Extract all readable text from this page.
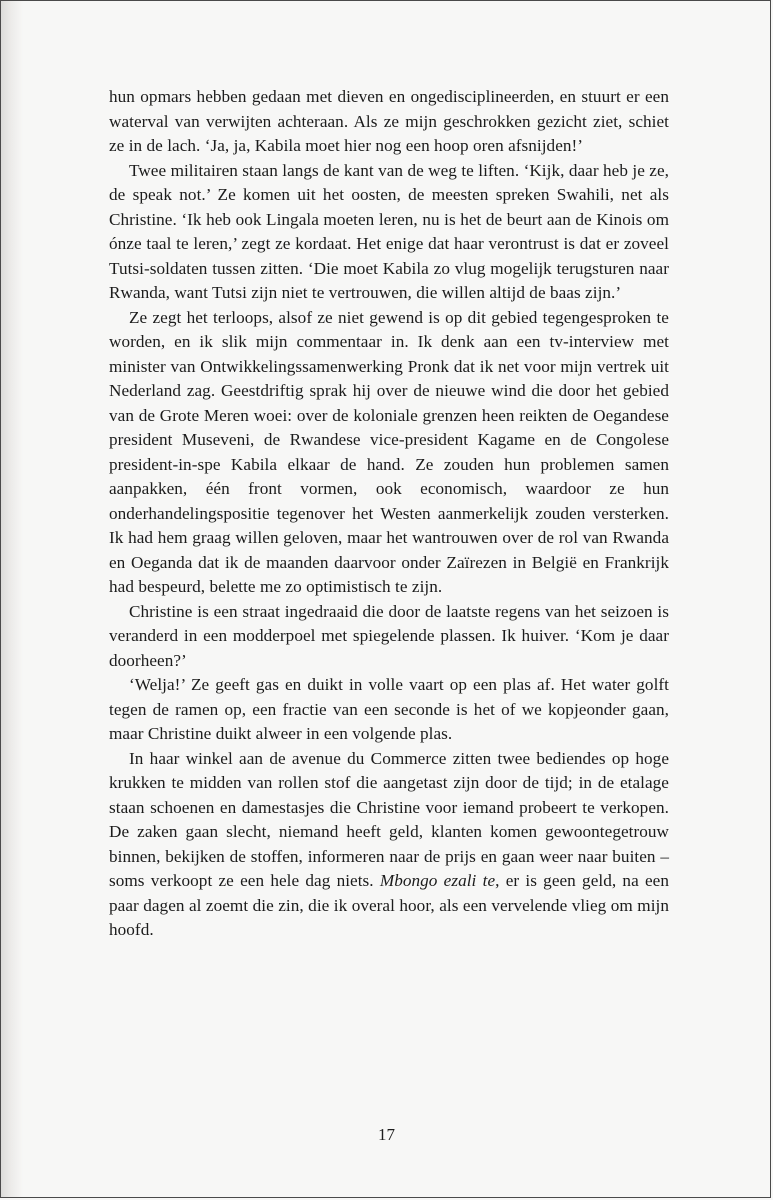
hun opmars hebben gedaan met dieven en ongedisciplineerden, en stuurt er een waterval van verwijten achteraan. Als ze mijn geschrokken gezicht ziet, schiet ze in de lach. ‘Ja, ja, Kabila moet hier nog een hoop oren afsnijden!’

Twee militairen staan langs de kant van de weg te liften. ‘Kijk, daar heb je ze, de speak not.’ Ze komen uit het oosten, de meesten spreken Swahili, net als Christine. ‘Ik heb ook Lingala moeten leren, nu is het de beurt aan de Kinois om ónze taal te leren,’ zegt ze kordaat. Het enige dat haar verontrust is dat er zoveel Tutsi-soldaten tussen zitten. ‘Die moet Kabila zo vlug mogelijk terugsturen naar Rwanda, want Tutsi zijn niet te vertrouwen, die willen altijd de baas zijn.’

Ze zegt het terloops, alsof ze niet gewend is op dit gebied tegengesproken te worden, en ik slik mijn commentaar in. Ik denk aan een tv-interview met minister van Ontwikkelingssamenwerking Pronk dat ik net voor mijn vertrek uit Nederland zag. Geestdriftig sprak hij over de nieuwe wind die door het gebied van de Grote Meren woei: over de koloniale grenzen heen reikten de Oegandese president Museveni, de Rwandese vice-president Kagame en de Congolese president-in-spe Kabila elkaar de hand. Ze zouden hun problemen samen aanpakken, één front vormen, ook economisch, waardoor ze hun onderhandelingspositie tegenover het Westen aanmerkelijk zouden versterken. Ik had hem graag willen geloven, maar het wantrouwen over de rol van Rwanda en Oeganda dat ik de maanden daarvoor onder Zaïrezen in België en Frankrijk had bespeurd, belette me zo optimistisch te zijn.

Christine is een straat ingedraaid die door de laatste regens van het seizoen is veranderd in een modderpoel met spiegelende plassen. Ik huiver. ‘Kom je daar doorheen?’

‘Welja!’ Ze geeft gas en duikt in volle vaart op een plas af. Het water golft tegen de ramen op, een fractie van een seconde is het of we kopjeonder gaan, maar Christine duikt alweer in een volgende plas.

In haar winkel aan de avenue du Commerce zitten twee bediendes op hoge krukken te midden van rollen stof die aangetast zijn door de tijd; in de etalage staan schoenen en damestasjes die Christine voor iemand probeert te verkopen. De zaken gaan slecht, niemand heeft geld, klanten komen gewoontegetrouw binnen, bekijken de stoffen, informeren naar de prijs en gaan weer naar buiten – soms verkoopt ze een hele dag niets. Mbongo ezali te, er is geen geld, na een paar dagen al zoemt die zin, die ik overal hoor, als een vervelende vlieg om mijn hoofd.

17
